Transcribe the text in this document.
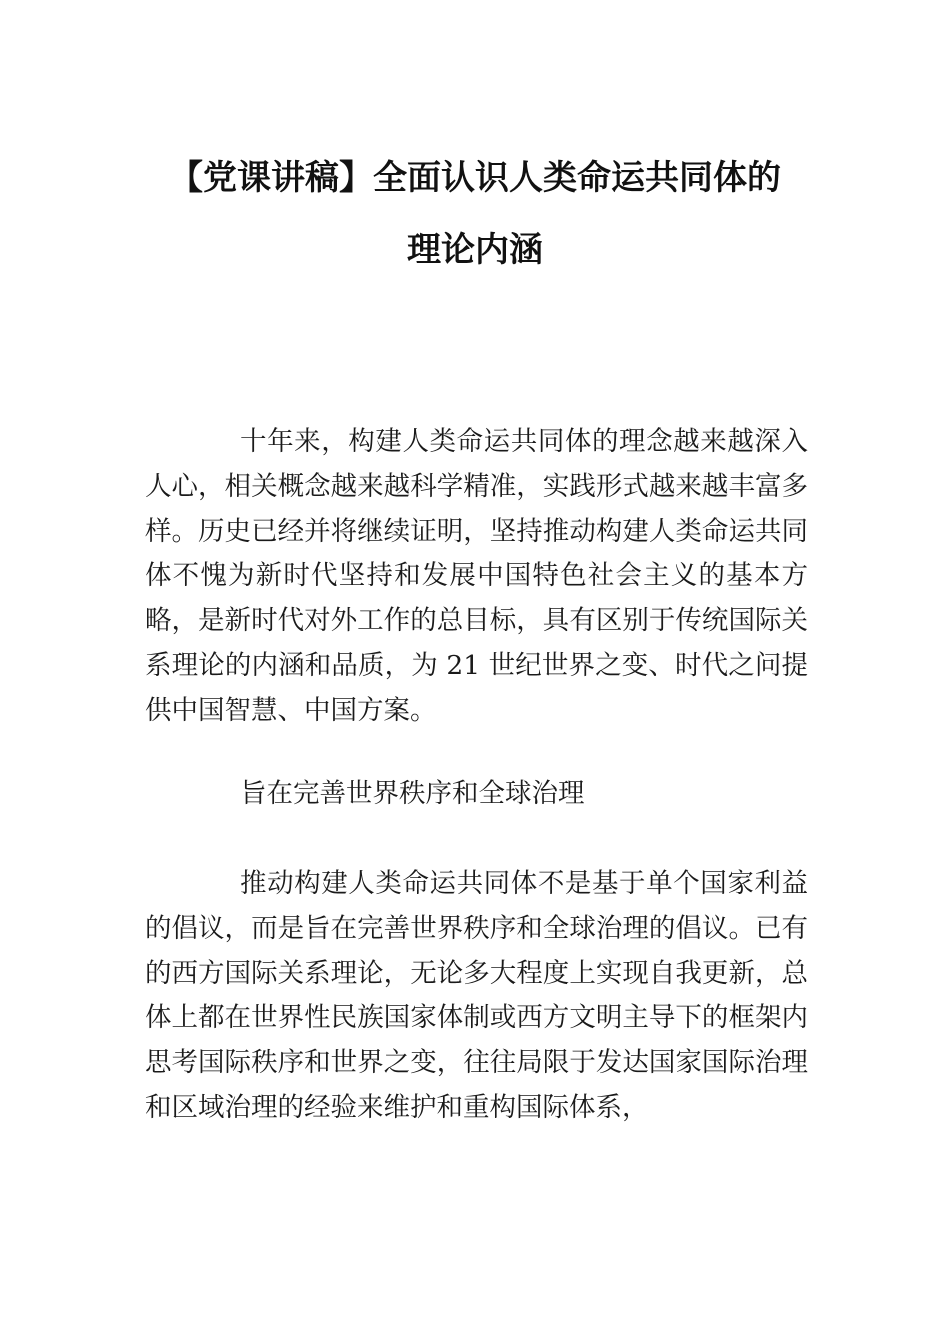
【党课讲稿】全面认识人类命运共同体的
理论内涵

十年来，构建人类命运共同体的理念越来越深入人心，相关概念越来越科学精准，实践形式越来越丰富多样。历史已经并将继续证明，坚持推动构建人类命运共同体不愧为新时代坚持和发展中国特色社会主义的基本方略，是新时代对外工作的总目标，具有区别于传统国际关系理论的内涵和品质，为 21 世纪世界之变、时代之问提供中国智慧、中国方案。

旨在完善世界秩序和全球治理

推动构建人类命运共同体不是基于单个国家利益的倡议，而是旨在完善世界秩序和全球治理的倡议。已有的西方国际关系理论，无论多大程度上实现自我更新，总体上都在世界性民族国家体制或西方文明主导下的框架内思考国际秩序和世界之变，往往局限于发达国家国际治理和区域治理的经验来维护和重构国际体系，
